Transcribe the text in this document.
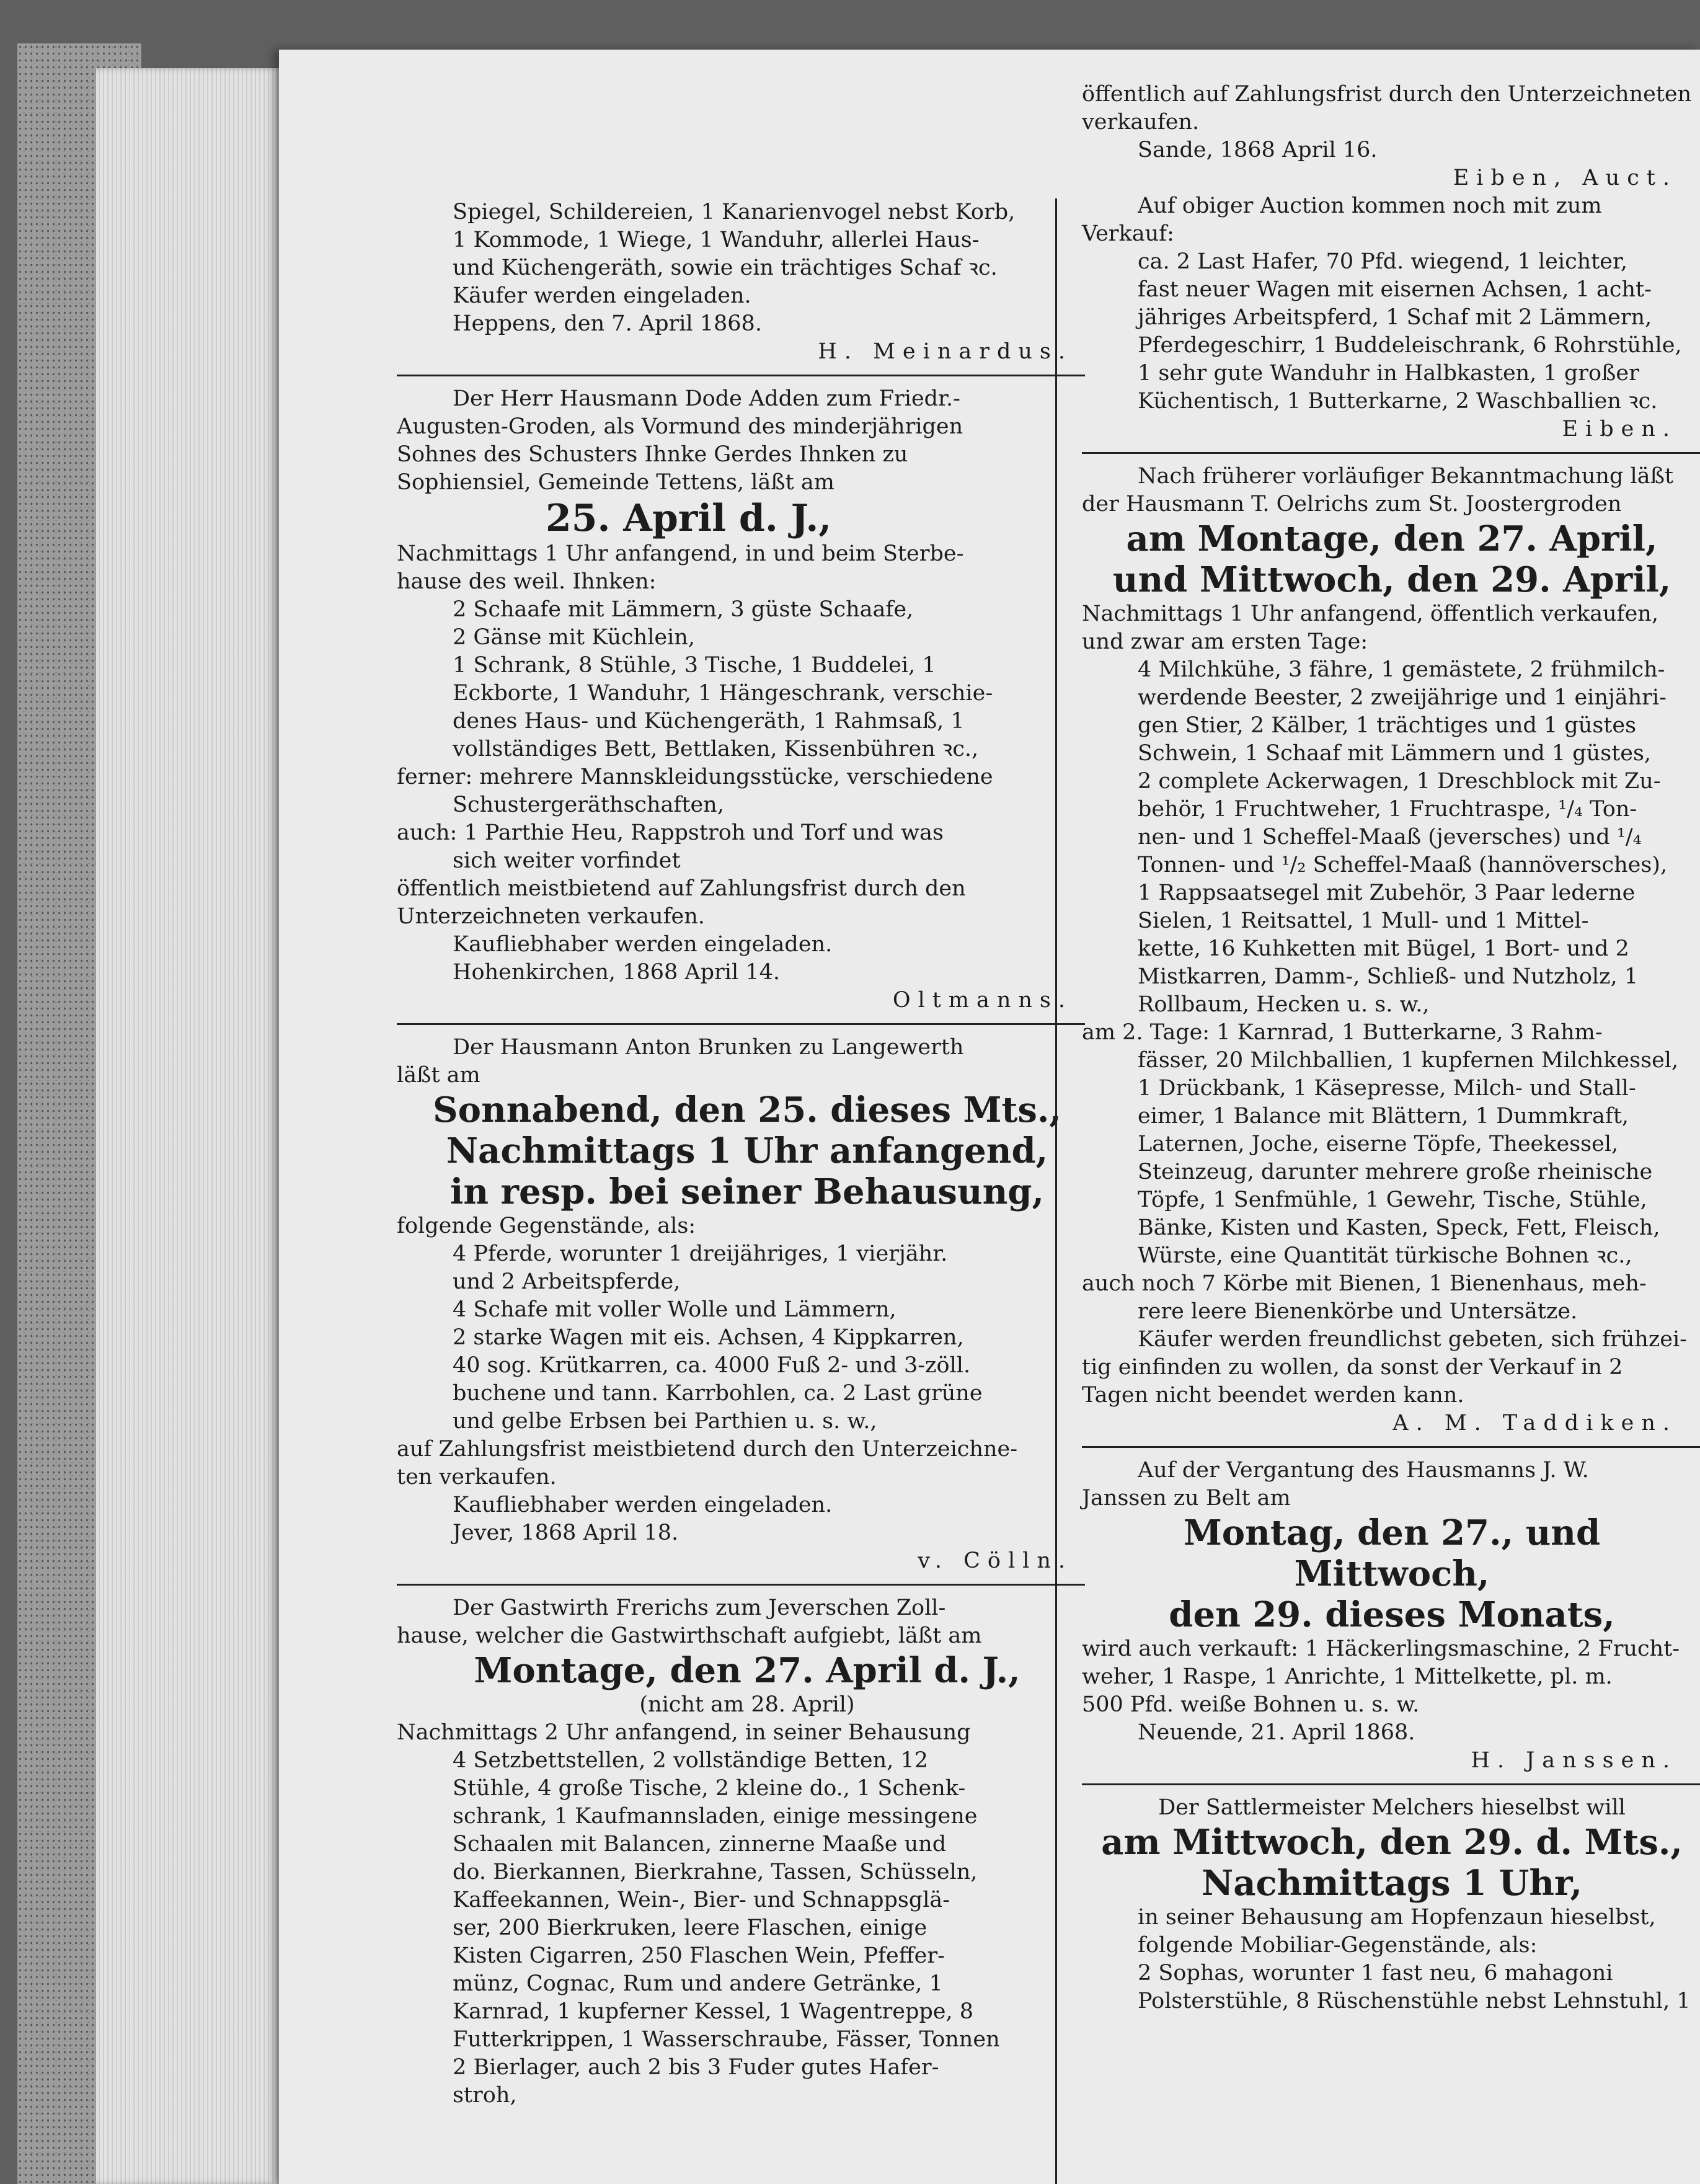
Spiegel, Schildereien, 1 Kanarienvogel nebst Korb,

1 Kommode, 1 Wiege, 1 Wanduhr, allerlei Haus-

und Küchengeräth, sowie ein trächtiges Schaf ꝛc.

Käufer werden eingeladen.

Heppens, den 7. April 1868.

H. Meinardus.

Der Herr Hausmann Dode Adden zum Friedr.-

Augusten-Groden, als Vormund des minderjährigen

Sohnes des Schusters Ihnke Gerdes Ihnken zu

Sophiensiel, Gemeinde Tettens, läßt am

25. April d. J.,

Nachmittags 1 Uhr anfangend, in und beim Sterbe-

hause des weil. Ihnken:

2 Schaafe mit Lämmern, 3 güste Schaafe,

2 Gänse mit Küchlein,

1 Schrank, 8 Stühle, 3 Tische, 1 Buddelei, 1

Eckborte, 1 Wanduhr, 1 Hängeschrank, verschie-

denes Haus- und Küchengeräth, 1 Rahmsaß, 1

vollständiges Bett, Bettlaken, Kissenbühren ꝛc.,

ferner: mehrere Mannskleidungsstücke, verschiedene

Schustergeräthschaften,

auch: 1 Parthie Heu, Rappstroh und Torf und was

sich weiter vorfindet

öffentlich meistbietend auf Zahlungsfrist durch den

Unterzeichneten verkaufen.

Kaufliebhaber werden eingeladen.

Hohenkirchen, 1868 April 14.

Oltmanns.

Der Hausmann Anton Brunken zu Langewerth

läßt am

Sonnabend, den 25. dieses Mts.,

Nachmittags 1 Uhr anfangend,

in resp. bei seiner Behausung,

folgende Gegenstände, als:

4 Pferde, worunter 1 dreijähriges, 1 vierjähr.

und 2 Arbeitspferde,

4 Schafe mit voller Wolle und Lämmern,

2 starke Wagen mit eis. Achsen, 4 Kippkarren,

40 sog. Krütkarren, ca. 4000 Fuß 2- und 3-zöll.

buchene und tann. Karrbohlen, ca. 2 Last grüne

und gelbe Erbsen bei Parthien u. s. w.,

auf Zahlungsfrist meistbietend durch den Unterzeichne-

ten verkaufen.

Kaufliebhaber werden eingeladen.

Jever, 1868 April 18.

v. Cölln.

Der Gastwirth Frerichs zum Jeverschen Zoll-

hause, welcher die Gastwirthschaft aufgiebt, läßt am

Montage, den 27. April d. J.,

(nicht am 28. April)

Nachmittags 2 Uhr anfangend, in seiner Behausung

4 Setzbettstellen, 2 vollständige Betten, 12

Stühle, 4 große Tische, 2 kleine do., 1 Schenk-

schrank, 1 Kaufmannsladen, einige messingene

Schaalen mit Balancen, zinnerne Maaße und

do. Bierkannen, Bierkrahne, Tassen, Schüsseln,

Kaffeekannen, Wein-, Bier- und Schnappsglä-

ser, 200 Bierkruken, leere Flaschen, einige

Kisten Cigarren, 250 Flaschen Wein, Pfeffer-

münz, Cognac, Rum und andere Getränke, 1

Karnrad, 1 kupferner Kessel, 1 Wagentreppe, 8

Futterkrippen, 1 Wasserschraube, Fässer, Tonnen

2 Bierlager, auch 2 bis 3 Fuder gutes Hafer-

stroh,

öffentlich auf Zahlungsfrist durch den Unterzeichneten

verkaufen.

Sande, 1868 April 16.

Eiben, Auct.

Auf obiger Auction kommen noch mit zum

Verkauf:

ca. 2 Last Hafer, 70 Pfd. wiegend, 1 leichter,

fast neuer Wagen mit eisernen Achsen, 1 acht-

jähriges Arbeitspferd, 1 Schaf mit 2 Lämmern,

Pferdegeschirr, 1 Buddeleischrank, 6 Rohrstühle,

1 sehr gute Wanduhr in Halbkasten, 1 großer

Küchentisch, 1 Butterkarne, 2 Waschballien ꝛc.

Eiben.

Nach früherer vorläufiger Bekanntmachung läßt

der Hausmann T. Oelrichs zum St. Joostergroden

am Montage, den 27. April,

und Mittwoch, den 29. April,

Nachmittags 1 Uhr anfangend, öffentlich verkaufen,

und zwar am ersten Tage:

4 Milchkühe, 3 fähre, 1 gemästete, 2 frühmilch-

werdende Beester, 2 zweijährige und 1 einjähri-

gen Stier, 2 Kälber, 1 trächtiges und 1 güstes

Schwein, 1 Schaaf mit Lämmern und 1 güstes,

2 complete Ackerwagen, 1 Dreschblock mit Zu-

behör, 1 Fruchtweher, 1 Fruchtraspe, ¹/₄ Ton-

nen- und 1 Scheffel-Maaß (jeversches) und ¹/₄

Tonnen- und ¹/₂ Scheffel-Maaß (hannöversches),

1 Rappsaatsegel mit Zubehör, 3 Paar lederne

Sielen, 1 Reitsattel, 1 Mull- und 1 Mittel-

kette, 16 Kuhketten mit Bügel, 1 Bort- und 2

Mistkarren, Damm-, Schließ- und Nutzholz, 1

Rollbaum, Hecken u. s. w.,

am 2. Tage: 1 Karnrad, 1 Butterkarne, 3 Rahm-

fässer, 20 Milchballien, 1 kupfernen Milchkessel,

1 Drückbank, 1 Käsepresse, Milch- und Stall-

eimer, 1 Balance mit Blättern, 1 Dummkraft,

Laternen, Joche, eiserne Töpfe, Theekessel,

Steinzeug, darunter mehrere große rheinische

Töpfe, 1 Senfmühle, 1 Gewehr, Tische, Stühle,

Bänke, Kisten und Kasten, Speck, Fett, Fleisch,

Würste, eine Quantität türkische Bohnen ꝛc.,

auch noch 7 Körbe mit Bienen, 1 Bienenhaus, meh-

rere leere Bienenkörbe und Untersätze.

Käufer werden freundlichst gebeten, sich frühzei-

tig einfinden zu wollen, da sonst der Verkauf in 2

Tagen nicht beendet werden kann.

A. M. Taddiken.

Auf der Vergantung des Hausmanns J. W.

Janssen zu Belt am

Montag, den 27., und Mittwoch,

den 29. dieses Monats,

wird auch verkauft: 1 Häckerlingsmaschine, 2 Frucht-

weher, 1 Raspe, 1 Anrichte, 1 Mittelkette, pl. m.

500 Pfd. weiße Bohnen u. s. w.

Neuende, 21. April 1868.

H. Janssen.

Der Sattlermeister Melchers hieselbst will

am Mittwoch, den 29. d. Mts.,

Nachmittags 1 Uhr,

in seiner Behausung am Hopfenzaun hieselbst,

folgende Mobiliar-Gegenstände, als:

2 Sophas, worunter 1 fast neu, 6 mahagoni

Polsterstühle, 8 Rüschenstühle nebst Lehnstuhl, 1
